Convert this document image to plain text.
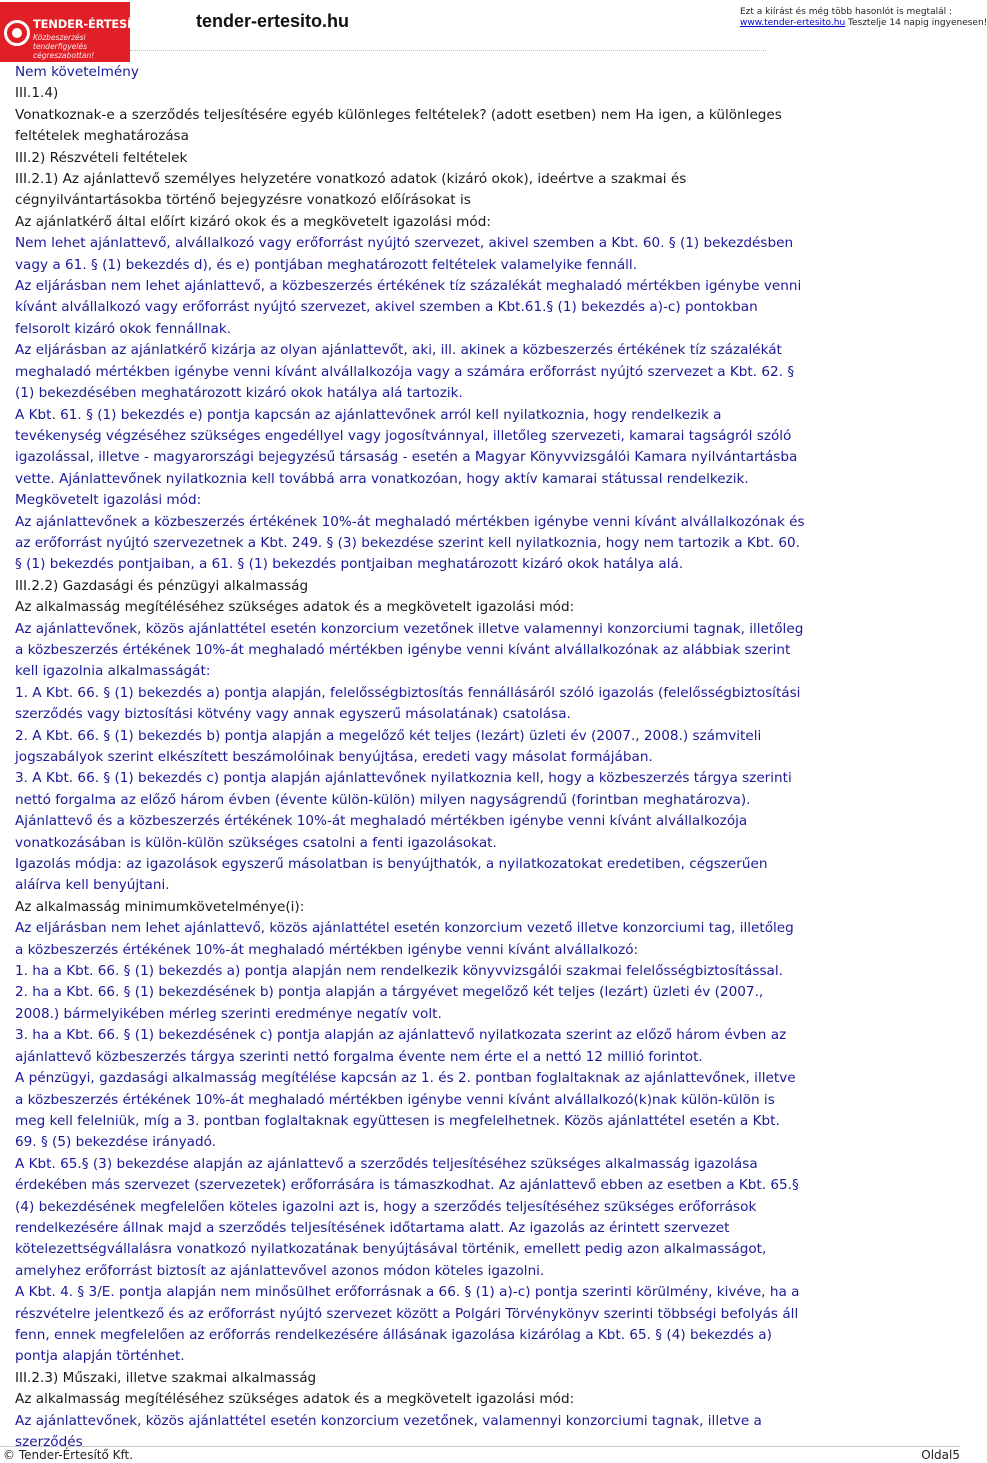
TENDER-ÉRTESÍTŐ.hu
Közbeszerzési tenderfigyelés cégreszabottan!
tender-ertesito.hu	Ezt a kiírást és még több hasonlót is megtalál :
www.tender-ertesito.hu Tesztelje 14 napig ingyenesen!

Nem követelmény

III.1.4)

Vonatkoznak-e a szerződés teljesítésére egyéb különleges feltételek? (adott esetben) nem Ha igen, a különleges feltételek meghatározása

III.2) Részvételi feltételek

III.2.1) Az ajánlattevő személyes helyzetére vonatkozó adatok (kizáró okok), ideértve a szakmai és cégnyilvántartásokba történő bejegyzésre vonatkozó előírásokat is

Az ajánlatkérő által előírt kizáró okok és a megkövetelt igazolási mód:

Nem lehet ajánlattevő, alvállalkozó vagy erőforrást nyújtó szervezet, akivel szemben a Kbt. 60. § (1) bekezdésben vagy a 61. § (1) bekezdés d), és e) pontjában meghatározott feltételek valamelyike fennáll.

Az eljárásban nem lehet ajánlattevő, a közbeszerzés értékének tíz százalékát meghaladó mértékben igénybe venni kívánt alvállalkozó vagy erőforrást nyújtó szervezet, akivel szemben a Kbt.61.§ (1) bekezdés a)-c) pontokban felsorolt kizáró okok fennállnak.

Az eljárásban az ajánlatkérő kizárja az olyan ajánlattevőt, aki, ill. akinek a közbeszerzés értékének tíz százalékát meghaladó mértékben igénybe venni kívánt alvállalkozója vagy a számára erőforrást nyújtó szervezet a Kbt. 62. § (1) bekezdésében meghatározott kizáró okok hatálya alá tartozik.

A Kbt. 61. § (1) bekezdés e) pontja kapcsán az ajánlattevőnek arról kell nyilatkoznia, hogy rendelkezik a tevékenység végzéséhez szükséges engedéllyel vagy jogosítvánnyal, illetőleg szervezeti, kamarai tagságról szóló igazolással, illetve - magyarországi bejegyzésű társaság - esetén a Magyar Könyvvizsgálói Kamara nyilvántartásba vette. Ajánlattevőnek nyilatkoznia kell továbbá arra vonatkozóan, hogy aktív kamarai státussal rendelkezik.

Megkövetelt igazolási mód:

Az ajánlattevőnek a közbeszerzés értékének 10%-át meghaladó mértékben igénybe venni kívánt alvállalkozónak és az erőforrást nyújtó szervezetnek a Kbt. 249. § (3) bekezdése szerint kell nyilatkoznia, hogy nem tartozik a Kbt. 60. § (1) bekezdés pontjaiban, a 61. § (1) bekezdés pontjaiban meghatározott kizáró okok hatálya alá.

III.2.2) Gazdasági és pénzügyi alkalmasság

Az alkalmasság megítéléséhez szükséges adatok és a megkövetelt igazolási mód:

Az ajánlattevőnek, közös ajánlattétel esetén konzorcium vezetőnek illetve valamennyi konzorciumi tagnak, illetőleg a közbeszerzés értékének 10%-át meghaladó mértékben igénybe venni kívánt alvállalkozónak az alábbiak szerint kell igazolnia alkalmasságát:

1. A Kbt. 66. § (1) bekezdés a) pontja alapján, felelősségbiztosítás fennállásáról szóló igazolás (felelősségbiztosítási szerződés vagy biztosítási kötvény vagy annak egyszerű másolatának) csatolása.

2. A Kbt. 66. § (1) bekezdés b) pontja alapján a megelőző két teljes (lezárt) üzleti év (2007., 2008.) számviteli jogszabályok szerint elkészített beszámolóinak benyújtása, eredeti vagy másolat formájában.

3. A Kbt. 66. § (1) bekezdés c) pontja alapján ajánlattevőnek nyilatkoznia kell, hogy a közbeszerzés tárgya szerinti nettó forgalma az előző három évben (évente külön-külön) milyen nagyságrendű (forintban meghatározva). Ajánlattevő és a közbeszerzés értékének 10%-át meghaladó mértékben igénybe venni kívánt alvállalkozója vonatkozásában is külön-külön szükséges csatolni a fenti igazolásokat.

Igazolás módja: az igazolások egyszerű másolatban is benyújthatók, a nyilatkozatokat eredetiben, cégszerűen aláírva kell benyújtani.

Az alkalmasság minimumkövetelménye(i):

Az eljárásban nem lehet ajánlattevő, közös ajánlattétel esetén konzorcium vezető illetve konzorciumi tag, illetőleg a közbeszerzés értékének 10%-át meghaladó mértékben igénybe venni kívánt alvállalkozó:

1. ha a Kbt. 66. § (1) bekezdés a) pontja alapján nem rendelkezik könyvvizsgálói szakmai felelősségbiztosítással.

2. ha a Kbt. 66. § (1) bekezdésének b) pontja alapján a tárgyévet megelőző két teljes (lezárt) üzleti év (2007., 2008.) bármelyikében mérleg szerinti eredménye negatív volt.

3. ha a Kbt. 66. § (1) bekezdésének c) pontja alapján az ajánlattevő nyilatkozata szerint az előző három évben az ajánlattevő közbeszerzés tárgya szerinti nettó forgalma évente nem érte el a nettó 12 millió forintot.

A pénzügyi, gazdasági alkalmasság megítélése kapcsán az 1. és 2. pontban foglaltaknak az ajánlattevőnek, illetve a közbeszerzés értékének 10%-át meghaladó mértékben igénybe venni kívánt alvállalkozó(k)nak külön-külön is meg kell felelniük, míg a 3. pontban foglaltaknak együttesen is megfelelhetnek. Közös ajánlattétel esetén a Kbt. 69. § (5) bekezdése irányadó.

A Kbt. 65.§ (3) bekezdése alapján az ajánlattevő a szerződés teljesítéséhez szükséges alkalmasság igazolása érdekében más szervezet (szervezetek) erőforrására is támaszkodhat. Az ajánlattevő ebben az esetben a Kbt. 65.§ (4) bekezdésének megfelelően köteles igazolni azt is, hogy a szerződés teljesítéséhez szükséges erőforrások rendelkezésére állnak majd a szerződés teljesítésének időtartama alatt. Az igazolás az érintett szervezet kötelezettségvállalásra vonatkozó nyilatkozatának benyújtásával történik, emellett pedig azon alkalmasságot, amelyhez erőforrást biztosít az ajánlattevővel azonos módon köteles igazolni.

A Kbt. 4. § 3/E. pontja alapján nem minősülhet erőforrásnak a 66. § (1) a)-c) pontja szerinti körülmény, kivéve, ha a részvételre jelentkező és az erőforrást nyújtó szervezet között a Polgári Törvénykönyv szerinti többségi befolyás áll fenn, ennek megfelelően az erőforrás rendelkezésére állásának igazolása kizárólag a Kbt. 65. § (4) bekezdés a) pontja alapján történhet.

III.2.3) Műszaki, illetve szakmai alkalmasság

Az alkalmasság megítéléséhez szükséges adatok és a megkövetelt igazolási mód:

Az ajánlattevőnek, közös ajánlattétel esetén konzorcium vezetőnek, valamennyi konzorciumi tagnak, illetve a szerződés

© Tender-Értesítő Kft.	Oldal5
